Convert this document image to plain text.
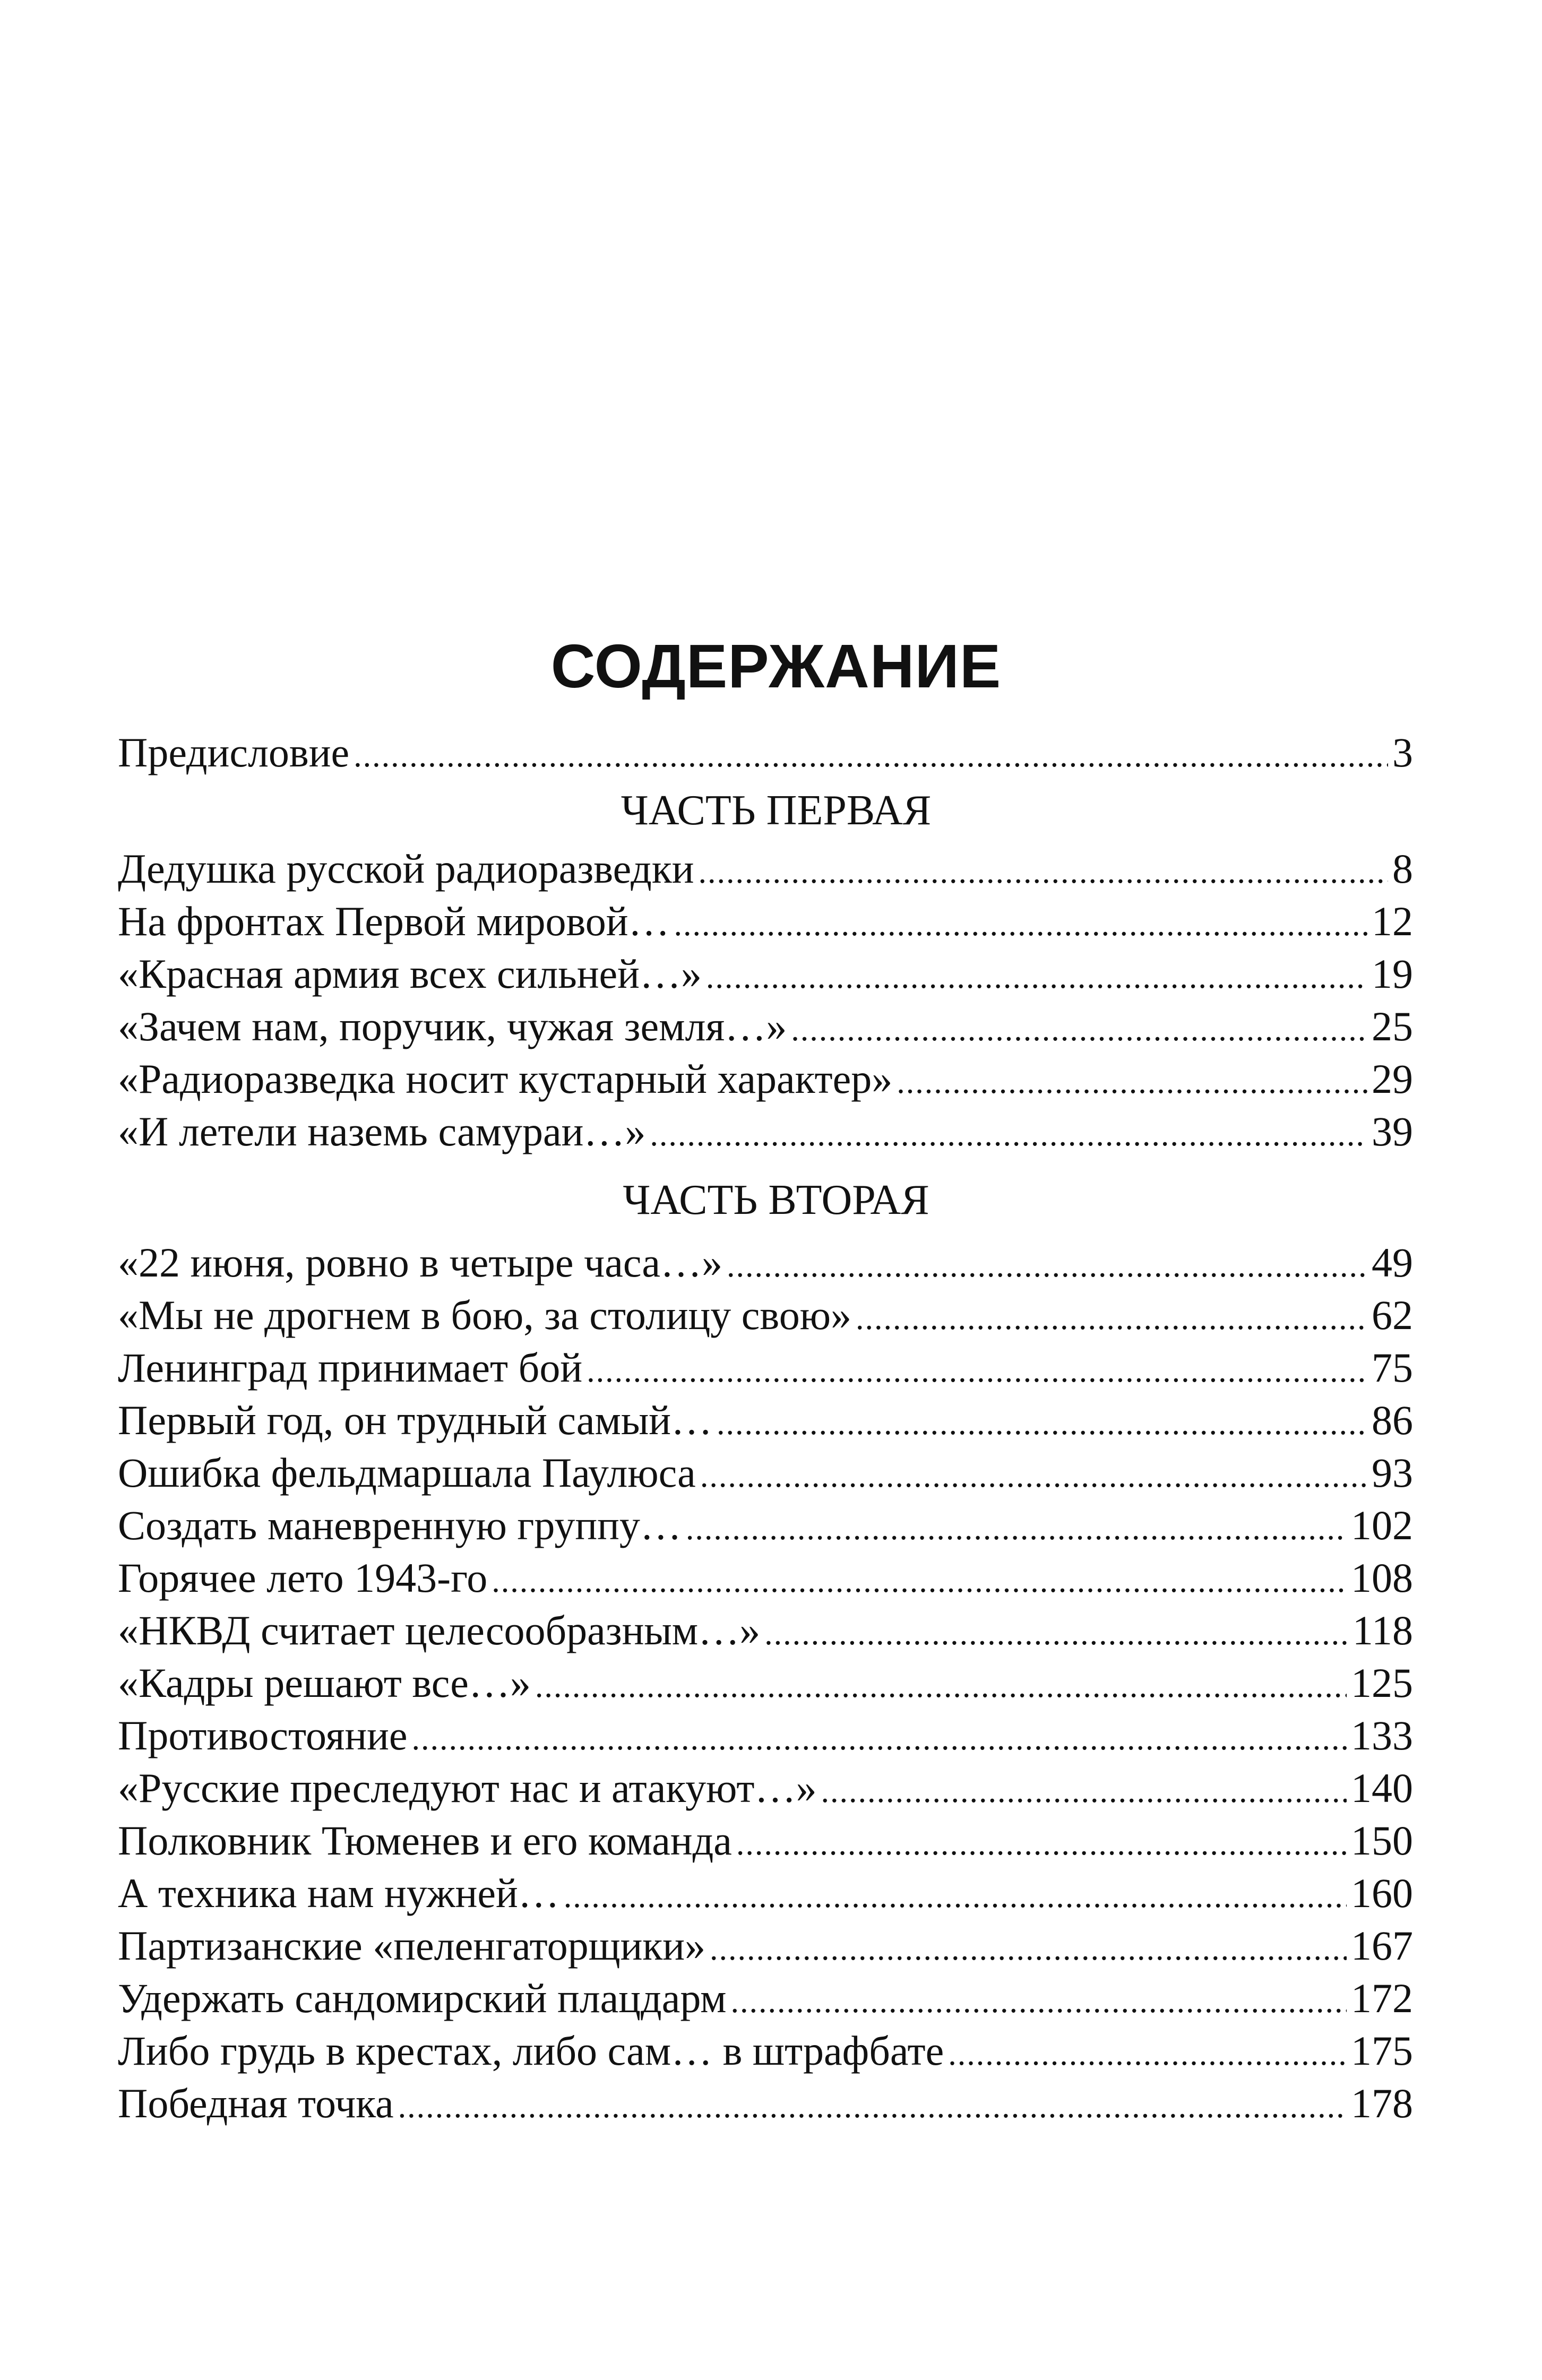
СОДЕРЖАНИЕ
Предисловие .....	3
ЧАСТЬ ПЕРВАЯ
Дедушка русской радиоразведки .....	8
На фронтах Первой мировой… .....	12
«Красная армия всех сильней…» .....	19
«Зачем нам, поручик, чужая земля…» .....	25
«Радиоразведка носит кустарный характер» .....	29
«И летели наземь самураи…» .....	39
ЧАСТЬ ВТОРАЯ
«22 июня, ровно в четыре часа…» .....	49
«Мы не дрогнем в бою, за столицу свою» .....	62
Ленинград принимает бой .....	75
Первый год, он трудный самый… .....	86
Ошибка фельдмаршала Паулюса .....	93
Создать маневренную группу… .....	102
Горячее лето 1943-го .....	108
«НКВД считает целесообразным…» .....	118
«Кадры решают все…» .....	125
Противостояние .....	133
«Русские преследуют нас и атакуют…» .....	140
Полковник Тюменев и его команда .....	150
А техника нам нужней… .....	160
Партизанские «пеленгаторщики» .....	167
Удержать сандомирский плацдарм .....	172
Либо грудь в крестах, либо сам… в штрафбате .....	175
Победная точка .....	178
